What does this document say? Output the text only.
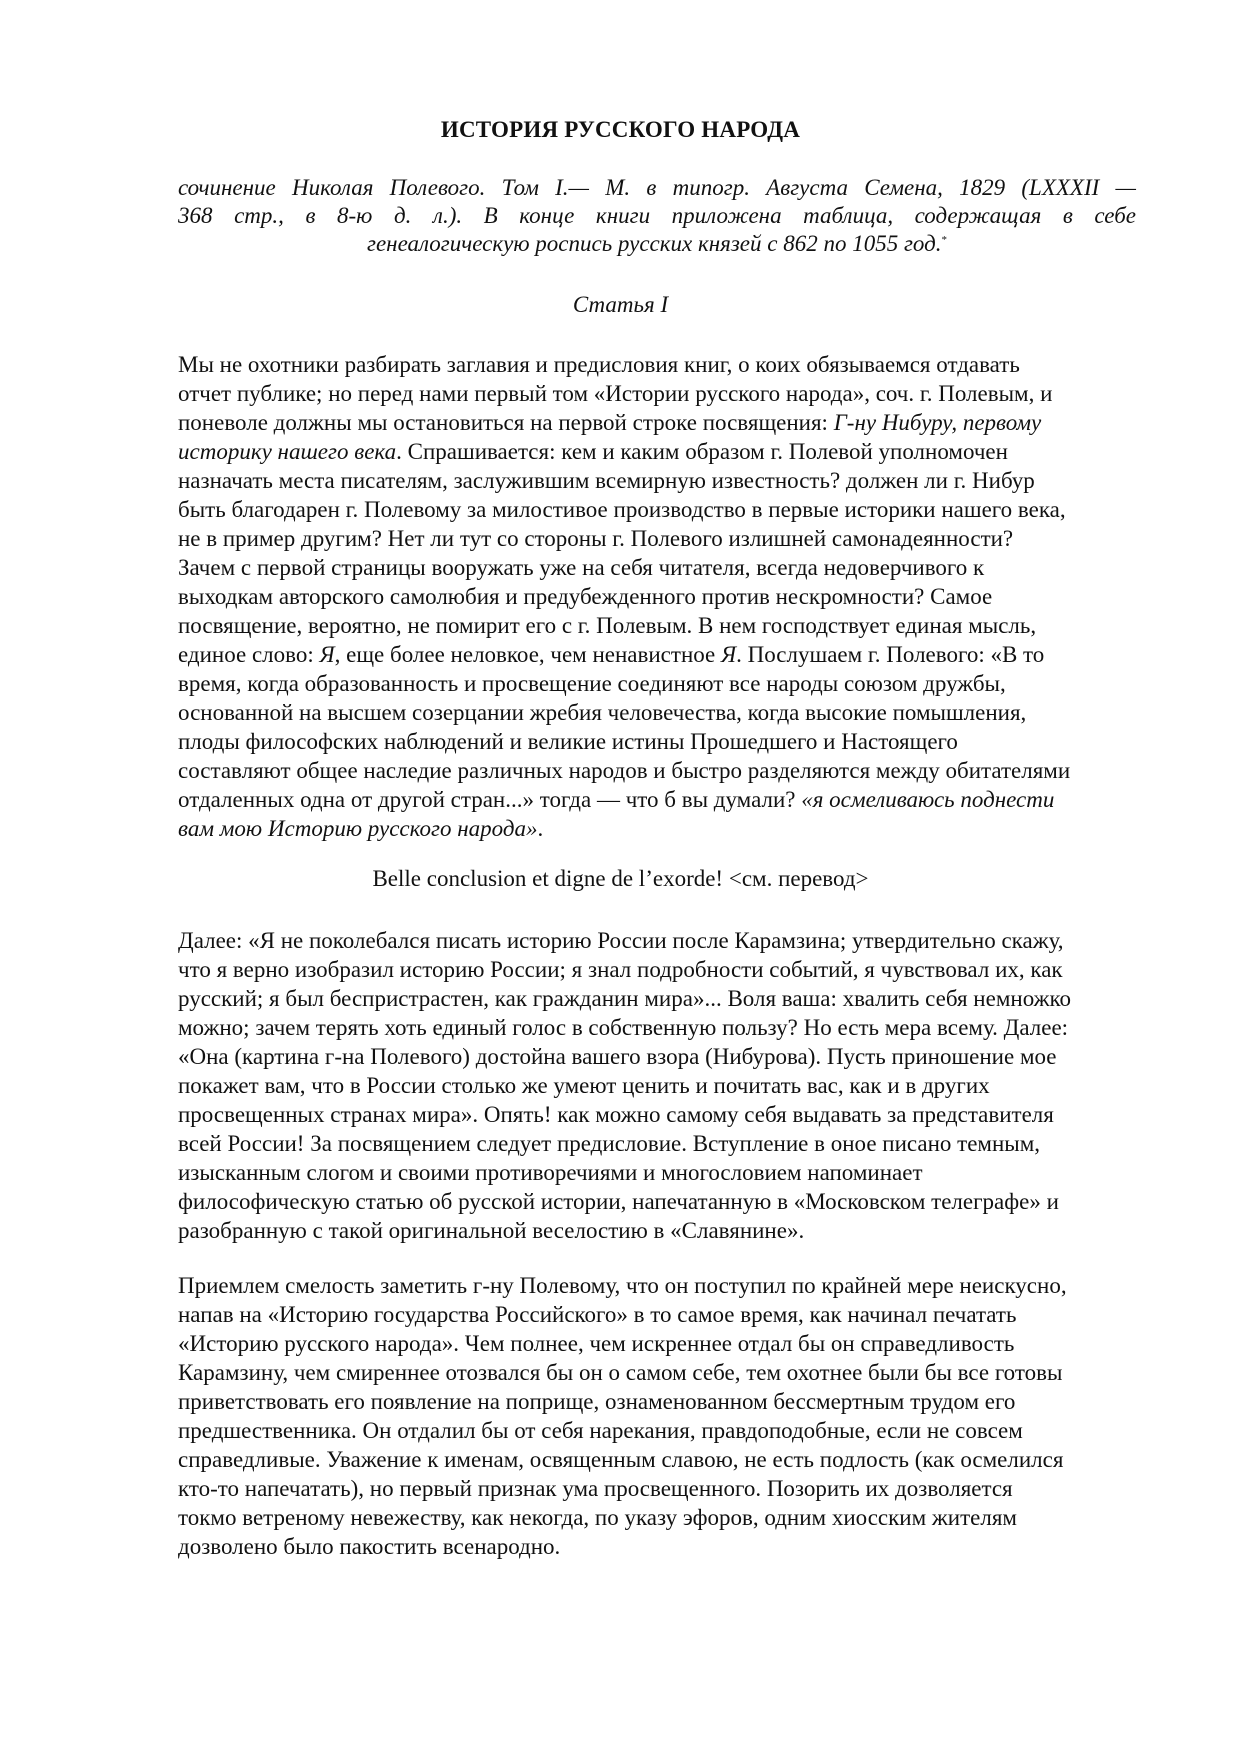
ИСТОРИЯ РУССКОГО НАРОДА
сочинение Николая Полевого. Том I.— М. в типогр. Августа Семена, 1829 (LXXXII —
368 стр., в 8-ю д. л.). В конце книги приложена таблица, содержащая в себе
генеалогическую роспись русских князей с 862 по 1055 год.*
Статья I
Мы не охотники разбирать заглавия и предисловия книг, о коих обязываемся отдавать
отчет публике; но перед нами первый том «Истории русского народа», соч. г. Полевым, и
поневоле должны мы остановиться на первой строке посвящения: Г-ну Нибуру, первому
историку нашего века. Спрашивается: кем и каким образом г. Полевой уполномочен
назначать места писателям, заслужившим всемирную известность? должен ли г. Нибур
быть благодарен г. Полевому за милостивое производство в первые историки нашего века,
не в пример другим? Нет ли тут со стороны г. Полевого излишней самонадеянности?
Зачем с первой страницы вооружать уже на себя читателя, всегда недоверчивого к
выходкам авторского самолюбия и предубежденного против нескромности? Самое
посвящение, вероятно, не помирит его с г. Полевым. В нем господствует единая мысль,
единое слово: Я, еще более неловкое, чем ненавистное Я. Послушаем г. Полевого: «В то
время, когда образованность и просвещение соединяют все народы союзом дружбы,
основанной на высшем созерцании жребия человечества, когда высокие помышления,
плоды философских наблюдений и великие истины Прошедшего и Настоящего
составляют общее наследие различных народов и быстро разделяются между обитателями
отдаленных одна от другой стран...» тогда — что б вы думали? «я осмеливаюсь поднести
вам мою Историю русского народа».
Belle conclusion et digne de l’exorde! <см. перевод>
Далее: «Я не поколебался писать историю России после Карамзина; утвердительно скажу,
что я верно изобразил историю России; я знал подробности событий, я чувствовал их, как
русский; я был беспристрастен, как гражданин мира»... Воля ваша: хвалить себя немножко
можно; зачем терять хоть единый голос в собственную пользу? Но есть мера всему. Далее:
«Она (картина г-на Полевого) достойна вашего взора (Нибурова). Пусть приношение мое
покажет вам, что в России столько же умеют ценить и почитать вас, как и в других
просвещенных странах мира». Опять! как можно самому себя выдавать за представителя
всей России! За посвящением следует предисловие. Вступление в оное писано темным,
изысканным слогом и своими противоречиями и многословием напоминает
философическую статью об русской истории, напечатанную в «Московском телеграфе» и
разобранную с такой оригинальной веселостию в «Славянине».
Приемлем смелость заметить г-ну Полевому, что он поступил по крайней мере неискусно,
напав на «Историю государства Российского» в то самое время, как начинал печатать
«Историю русского народа». Чем полнее, чем искреннее отдал бы он справедливость
Карамзину, чем смиреннее отозвался бы он о самом себе, тем охотнее были бы все готовы
приветствовать его появление на поприще, ознаменованном бессмертным трудом его
предшественника. Он отдалил бы от себя нарекания, правдоподобные, если не совсем
справедливые. Уважение к именам, освященным славою, не есть подлость (как осмелился
кто-то напечатать), но первый признак ума просвещенного. Позорить их дозволяется
токмо ветреному невежеству, как некогда, по указу эфоров, одним хиосским жителям
дозволено было пакостить всенародно.
